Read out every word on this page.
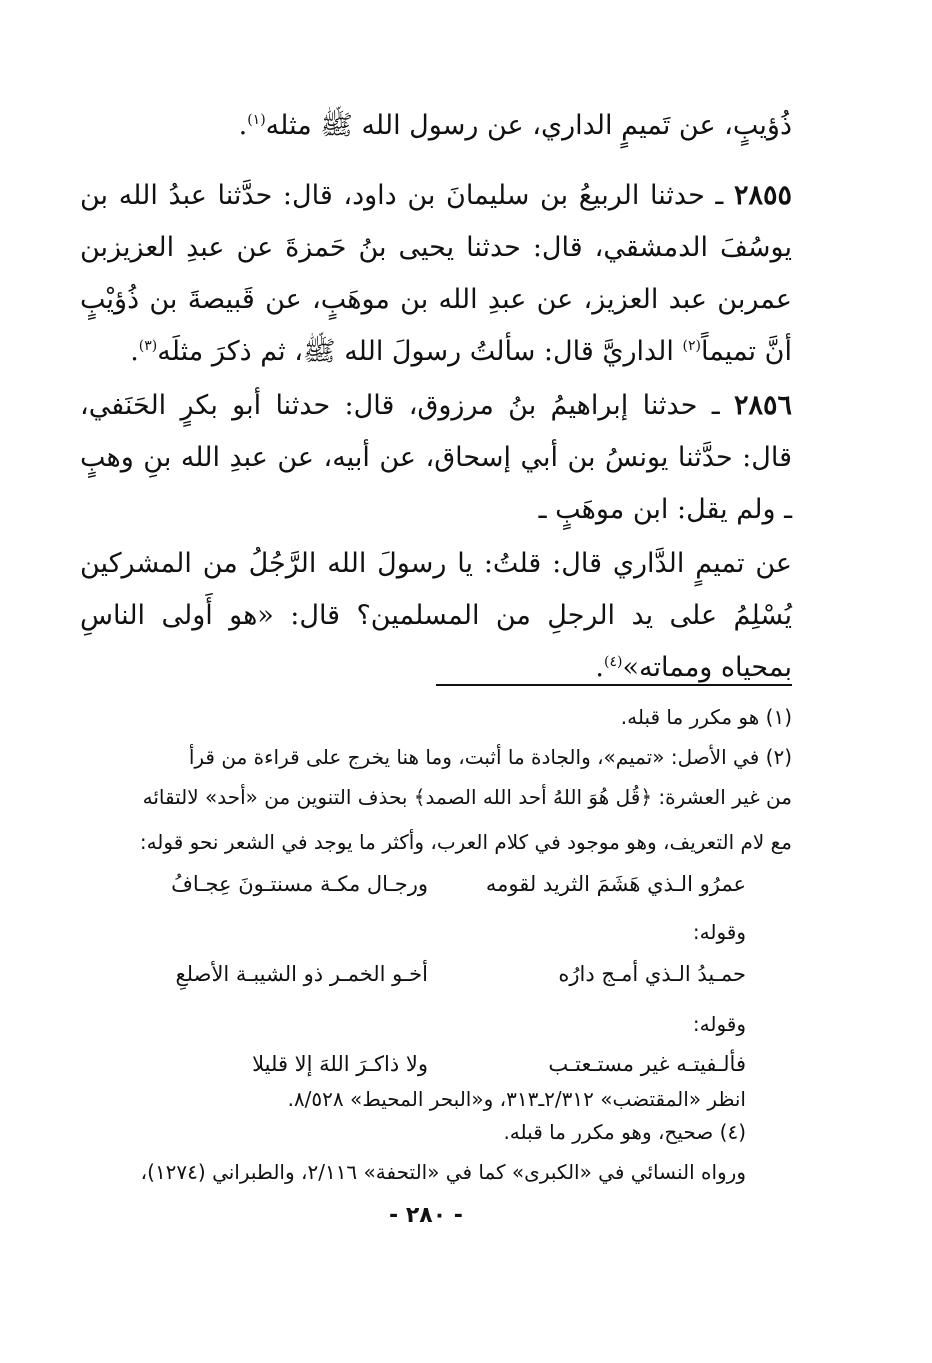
ذُؤيبٍ، عن تَميمٍ الداري، عن رسول الله ﷺ مثله$^{(١)}$.

٢٨٥٥ ـ حدثنا الربيعُ بن سليمانَ بن داود، قال: حدَّثنا عبدُ الله بن يوسُفَ الدمشقي، قال: حدثنا يحيى بنُ حَمزةَ عن عبدِ العزيزبن عمربن عبد العزيز، عن عبدِ الله بن موهَبٍ، عن قَبيصةَ بن ذُؤيْبٍ أنَّ تميماً$^{(٢)}$ الداريَّ قال: سألتُ رسولَ الله ﷺ، ثم ذكرَ مثلَه$^{(٣)}$.

٢٨٥٦ ـ حدثنا إبراهيمُ بنُ مرزوق، قال: حدثنا أبو بكرٍ الحَنَفي، قال: حدَّثنا يونسُ بن أبي إسحاق، عن أبيه، عن عبدِ الله بنِ وهبٍ ـ ولم يقل: ابن موهَبٍ ـ

عن تميمٍ الدَّاري قال: قلتُ: يا رسولَ الله الرَّجُلُ من المشركين يُسْلِمُ على يد الرجلِ من المسلمين؟ قال: «هو أَولى الناسِ بمحياه ومماته»$^{(٤)}$.

(١) هو مكرر ما قبله.
(٢) في الأصل: «تميم»، والجادة ما أثبت، وما هنا يخرج على قراءة من قرأ
من غير العشرة: ﴿قُل هُوَ اللهُ أحد الله الصمد﴾ بحذف التنوين من «أحد» لالتقائه
مع لام التعريف، وهو موجود في كلام العرب، وأكثر ما يوجد في الشعر نحو قوله:
عمرُو الـذي هَشَمَ الثريد لقومه
ورجـال مكـة مسنتـونَ عِجـافُ
وقوله:
حمـيدُ الـذي أمـج دارُه
أخـو الخمـر ذو الشيبـة الأصلعِ
وقوله:
فألـفيتـه غير مستـعتـب
ولا ذاكـرَ اللهَ إلا قليلا
انظر «المقتضب» ٢/٣١٢ـ٣١٣، و«البحر المحيط» ٨/٥٢٨.
(٤) صحيح، وهو مكرر ما قبله.
ورواه النسائي في «الكبرى» كما في «التحفة» ٢/١١٦، والطبراني (١٢٧٤)،
- ٢٨٠ -
